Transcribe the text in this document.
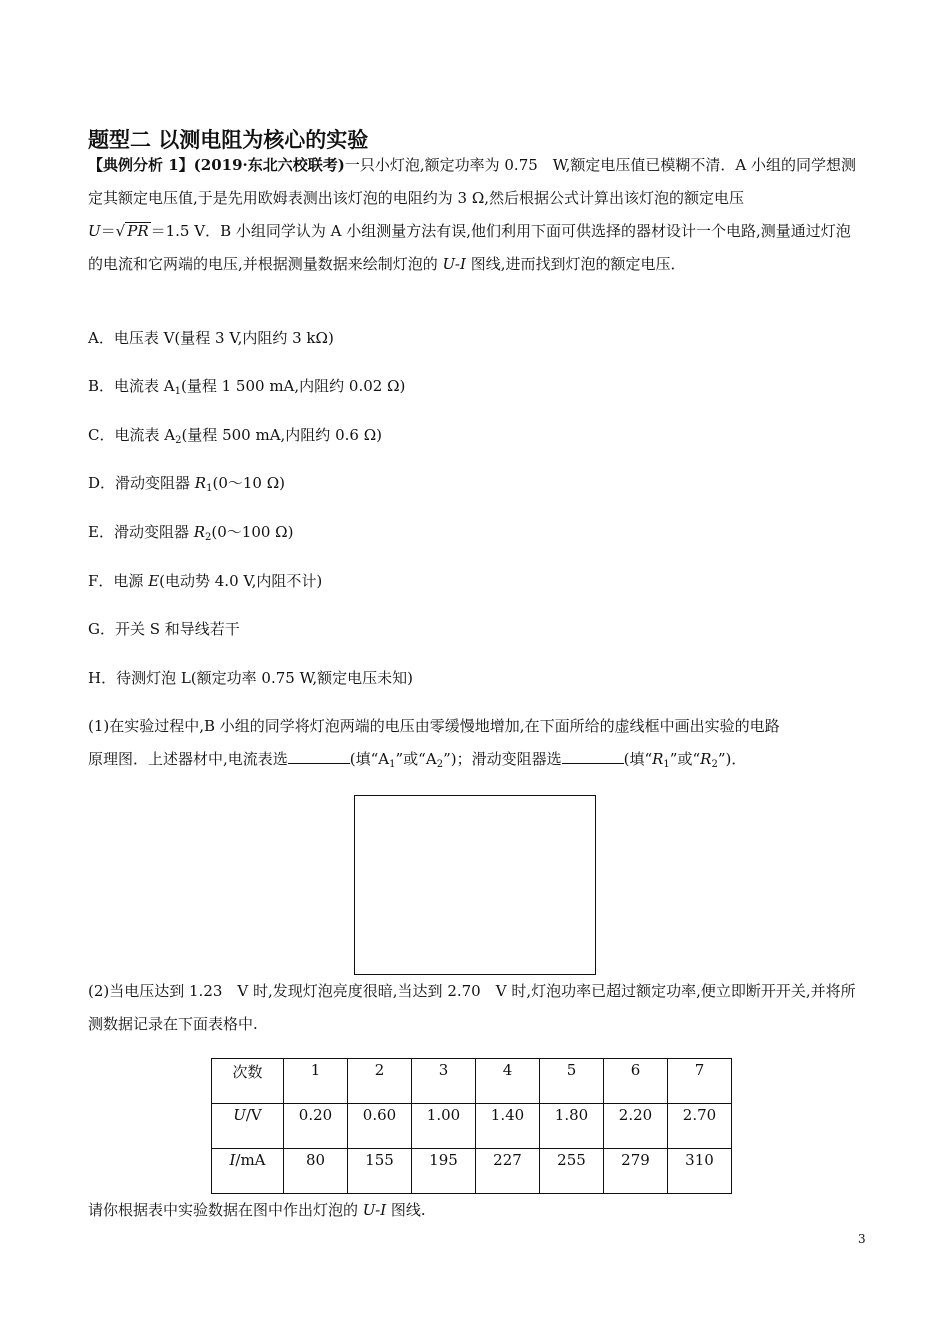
题型二 以测电阻为核心的实验
【典例分析 1】(2019·东北六校联考)一只小灯泡,额定功率为 0.75　W,额定电压值已模糊不清．A 小组的同学想测定其额定电压值,于是先用欧姆表测出该灯泡的电阻约为 3 Ω,然后根据公式计算出该灯泡的额定电压
U＝√ PR ＝1.5 V．B 小组同学认为 A 小组测量方法有误,他们利用下面可供选择的器材设计一个电路,测量通过灯泡的电流和它两端的电压,并根据测量数据来绘制灯泡的 U-I 图线,进而找到灯泡的额定电压．
A．电压表 V(量程 3 V,内阻约 3 kΩ)
B．电流表 $A_1$(量程 1 500 mA,内阻约 0.02 Ω)
C．电流表 $A_2$(量程 500 mA,内阻约 0.6 Ω)
D．滑动变阻器 $R_1(0\sim 10$ Ω)
E．滑动变阻器 $R_2(0\sim 100$ Ω)
F．电源 E(电动势 4.0 V,内阻不计)
G．开关 S 和导线若干
H．待测灯泡 L(额定功率 0.75 W,额定电压未知)
(1)在实验过程中,B 小组的同学将灯泡两端的电压由零缓慢地增加,在下面所给的虚线框中画出实验的电路
原理图．上述器材中,电流表选	(填“$A_1$”或“$A_2$”)；滑动变阻器选	(填“$R_1$”或“$R_2$”)．
(2)当电压达到 1.23　V 时,发现灯泡亮度很暗,当达到 2.70　V 时,灯泡功率已超过额定功率,便立即断开开关,并将所测数据记录在下面表格中.
次数	1	2	3	4	5	6	7
U/V	0.20	0.60	1.00	1.40	1.80	2.20	2.70
I/mA	80	155	195	227	255	279	310
请你根据表中实验数据在图中作出灯泡的 U-I 图线.
3
